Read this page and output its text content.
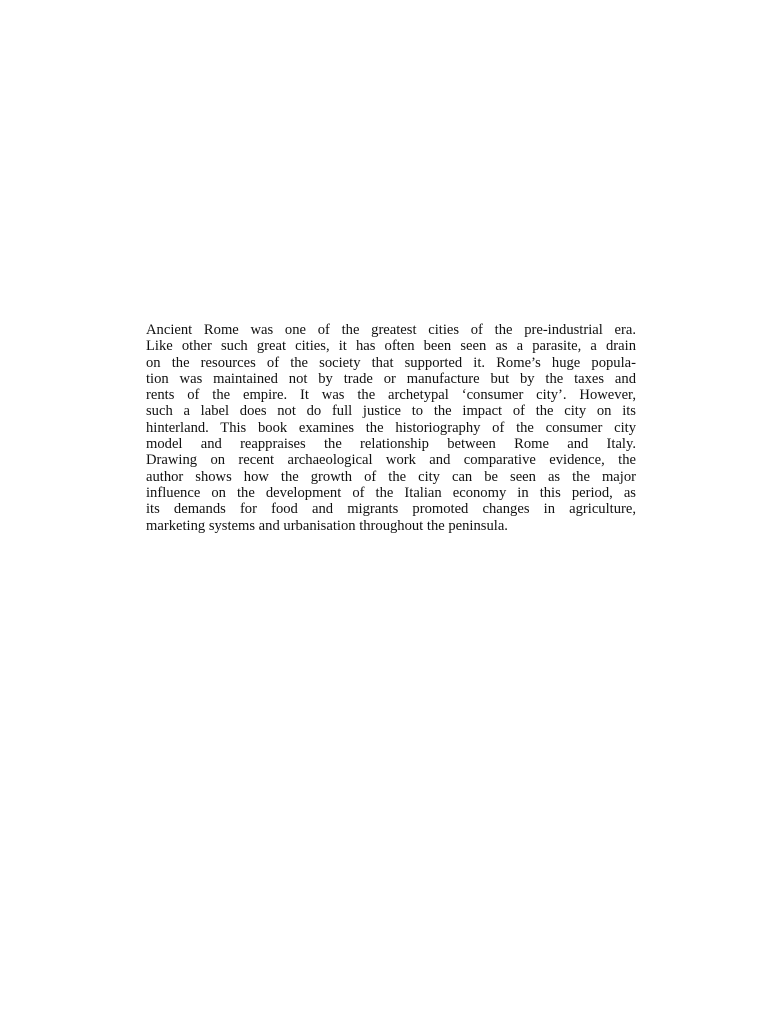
Ancient Rome was one of the greatest cities of the pre-industrial era.
Like other such great cities, it has often been seen as a parasite, a drain
on the resources of the society that supported it. Rome’s huge popula-
tion was maintained not by trade or manufacture but by the taxes and
rents of the empire. It was the archetypal ‘consumer city’. However,
such a label does not do full justice to the impact of the city on its
hinterland. This book examines the historiography of the consumer city
model and reappraises the relationship between Rome and Italy.
Drawing on recent archaeological work and comparative evidence, the
author shows how the growth of the city can be seen as the major
influence on the development of the Italian economy in this period, as
its demands for food and migrants promoted changes in agriculture,
marketing systems and urbanisation throughout the peninsula.
